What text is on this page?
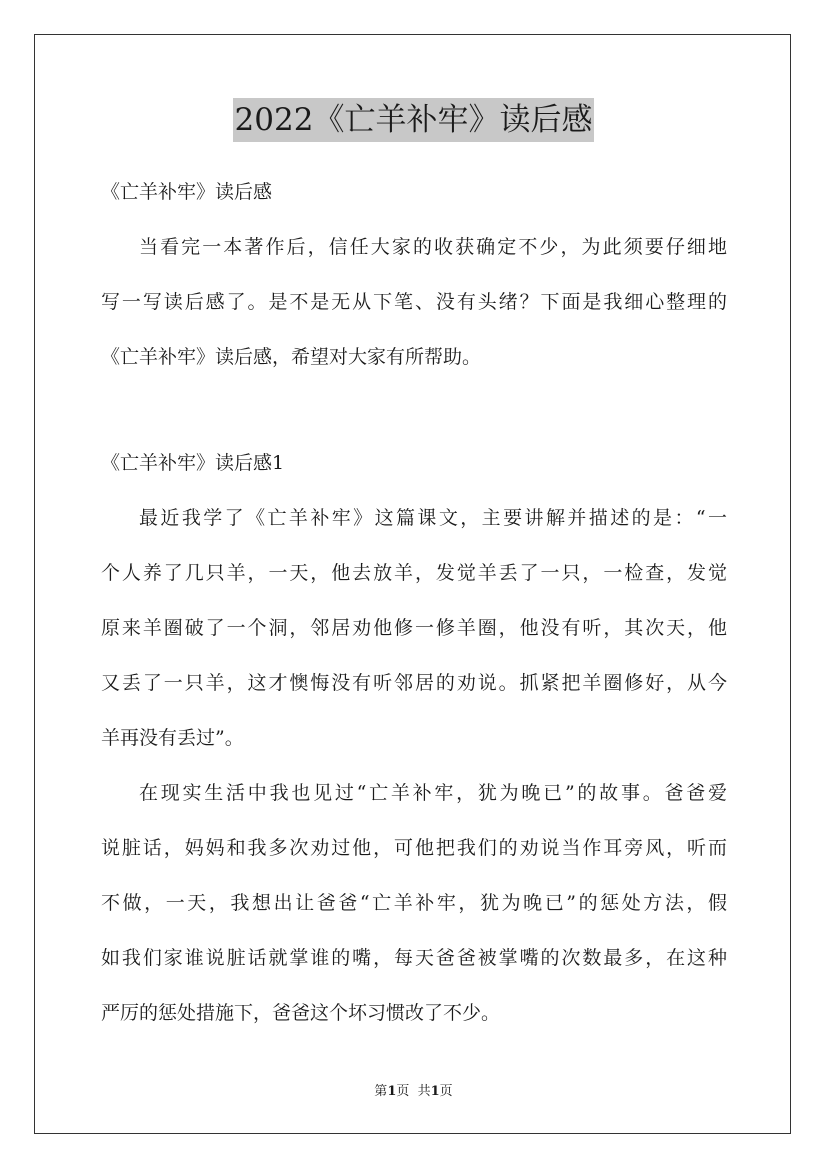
2022《亡羊补牢》读后感

《亡羊补牢》读后感

当看完一本著作后，信任大家的收获确定不少，为此须要仔细地
写一写读后感了。是不是无从下笔、没有头绪？下面是我细心整理的
《亡羊补牢》读后感，希望对大家有所帮助。

《亡羊补牢》读后感1

最近我学了《亡羊补牢》这篇课文，主要讲解并描述的是：“一
个人养了几只羊，一天，他去放羊，发觉羊丢了一只，一检查，发觉
原来羊圈破了一个洞，邻居劝他修一修羊圈，他没有听，其次天，他
又丢了一只羊，这才懊悔没有听邻居的劝说。抓紧把羊圈修好，从今
羊再没有丢过”。

在现实生活中我也见过“亡羊补牢，犹为晚已”的故事。爸爸爱
说脏话，妈妈和我多次劝过他，可他把我们的劝说当作耳旁风，听而
不做，一天，我想出让爸爸“亡羊补牢，犹为晚已”的惩处方法，假
如我们家谁说脏话就掌谁的嘴，每天爸爸被掌嘴的次数最多，在这种
严厉的惩处措施下，爸爸这个坏习惯改了不少。

第1页  共1页
